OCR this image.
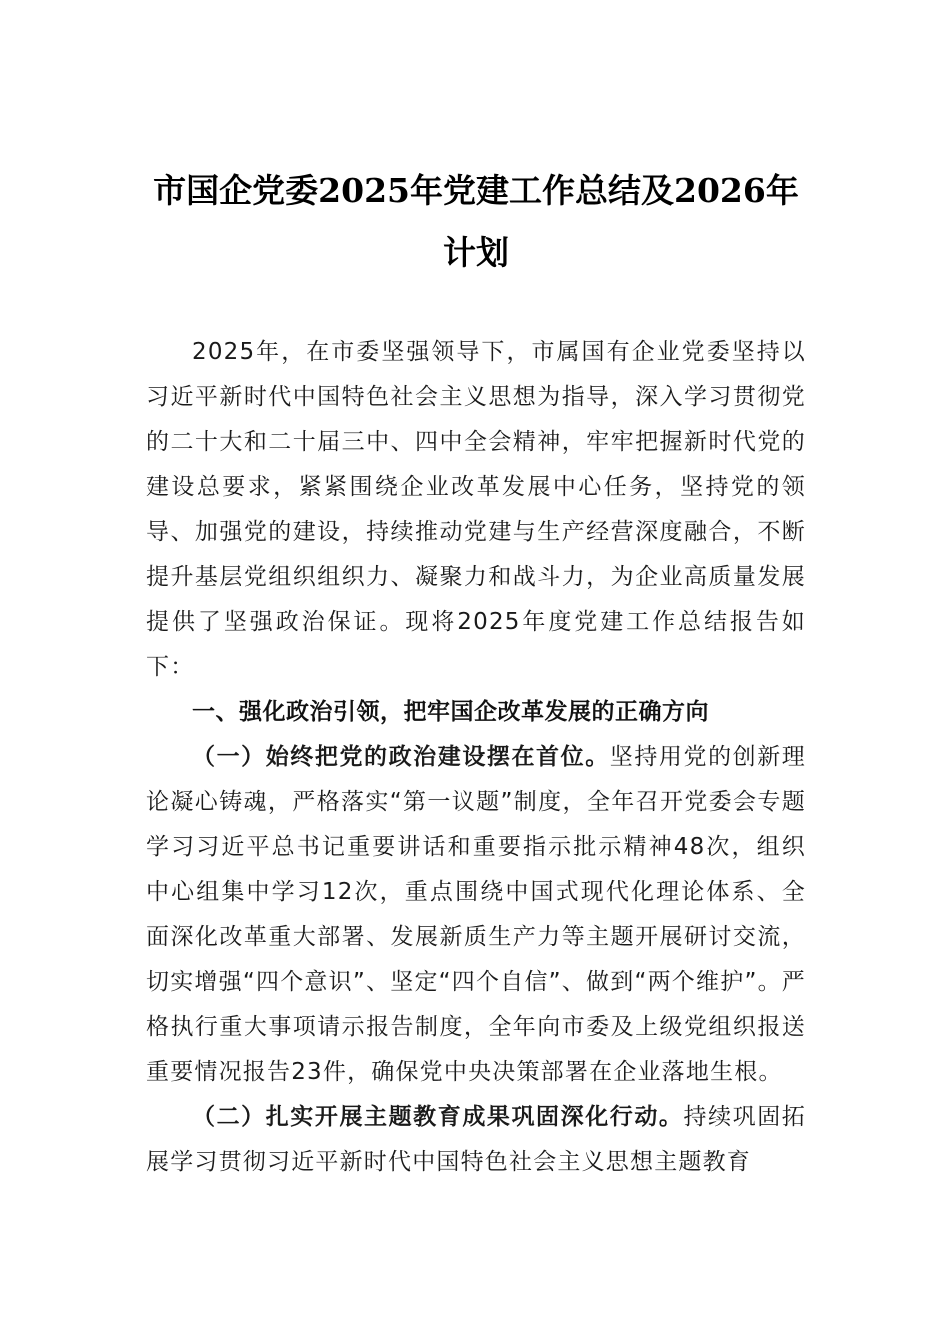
市国企党委2025年党建工作总结及2026年
计划

2025年，在市委坚强领导下，市属国有企业党委坚持以习近平新时代中国特色社会主义思想为指导，深入学习贯彻党的二十大和二十届三中、四中全会精神，牢牢把握新时代党的建设总要求，紧紧围绕企业改革发展中心任务，坚持党的领导、加强党的建设，持续推动党建与生产经营深度融合，不断提升基层党组织组织力、凝聚力和战斗力，为企业高质量发展提供了坚强政治保证。现将2025年度党建工作总结报告如下：

一、强化政治引领，把牢国企改革发展的正确方向

（一）始终把党的政治建设摆在首位。坚持用党的创新理论凝心铸魂，严格落实“第一议题”制度，全年召开党委会专题学习习近平总书记重要讲话和重要指示批示精神48次，组织中心组集中学习12次，重点围绕中国式现代化理论体系、全面深化改革重大部署、发展新质生产力等主题开展研讨交流，切实增强“四个意识”、坚定“四个自信”、做到“两个维护”。严格执行重大事项请示报告制度，全年向市委及上级党组织报送重要情况报告23件，确保党中央决策部署在企业落地生根。

（二）扎实开展主题教育成果巩固深化行动。持续巩固拓展学习贯彻习近平新时代中国特色社会主义思想主题教育
